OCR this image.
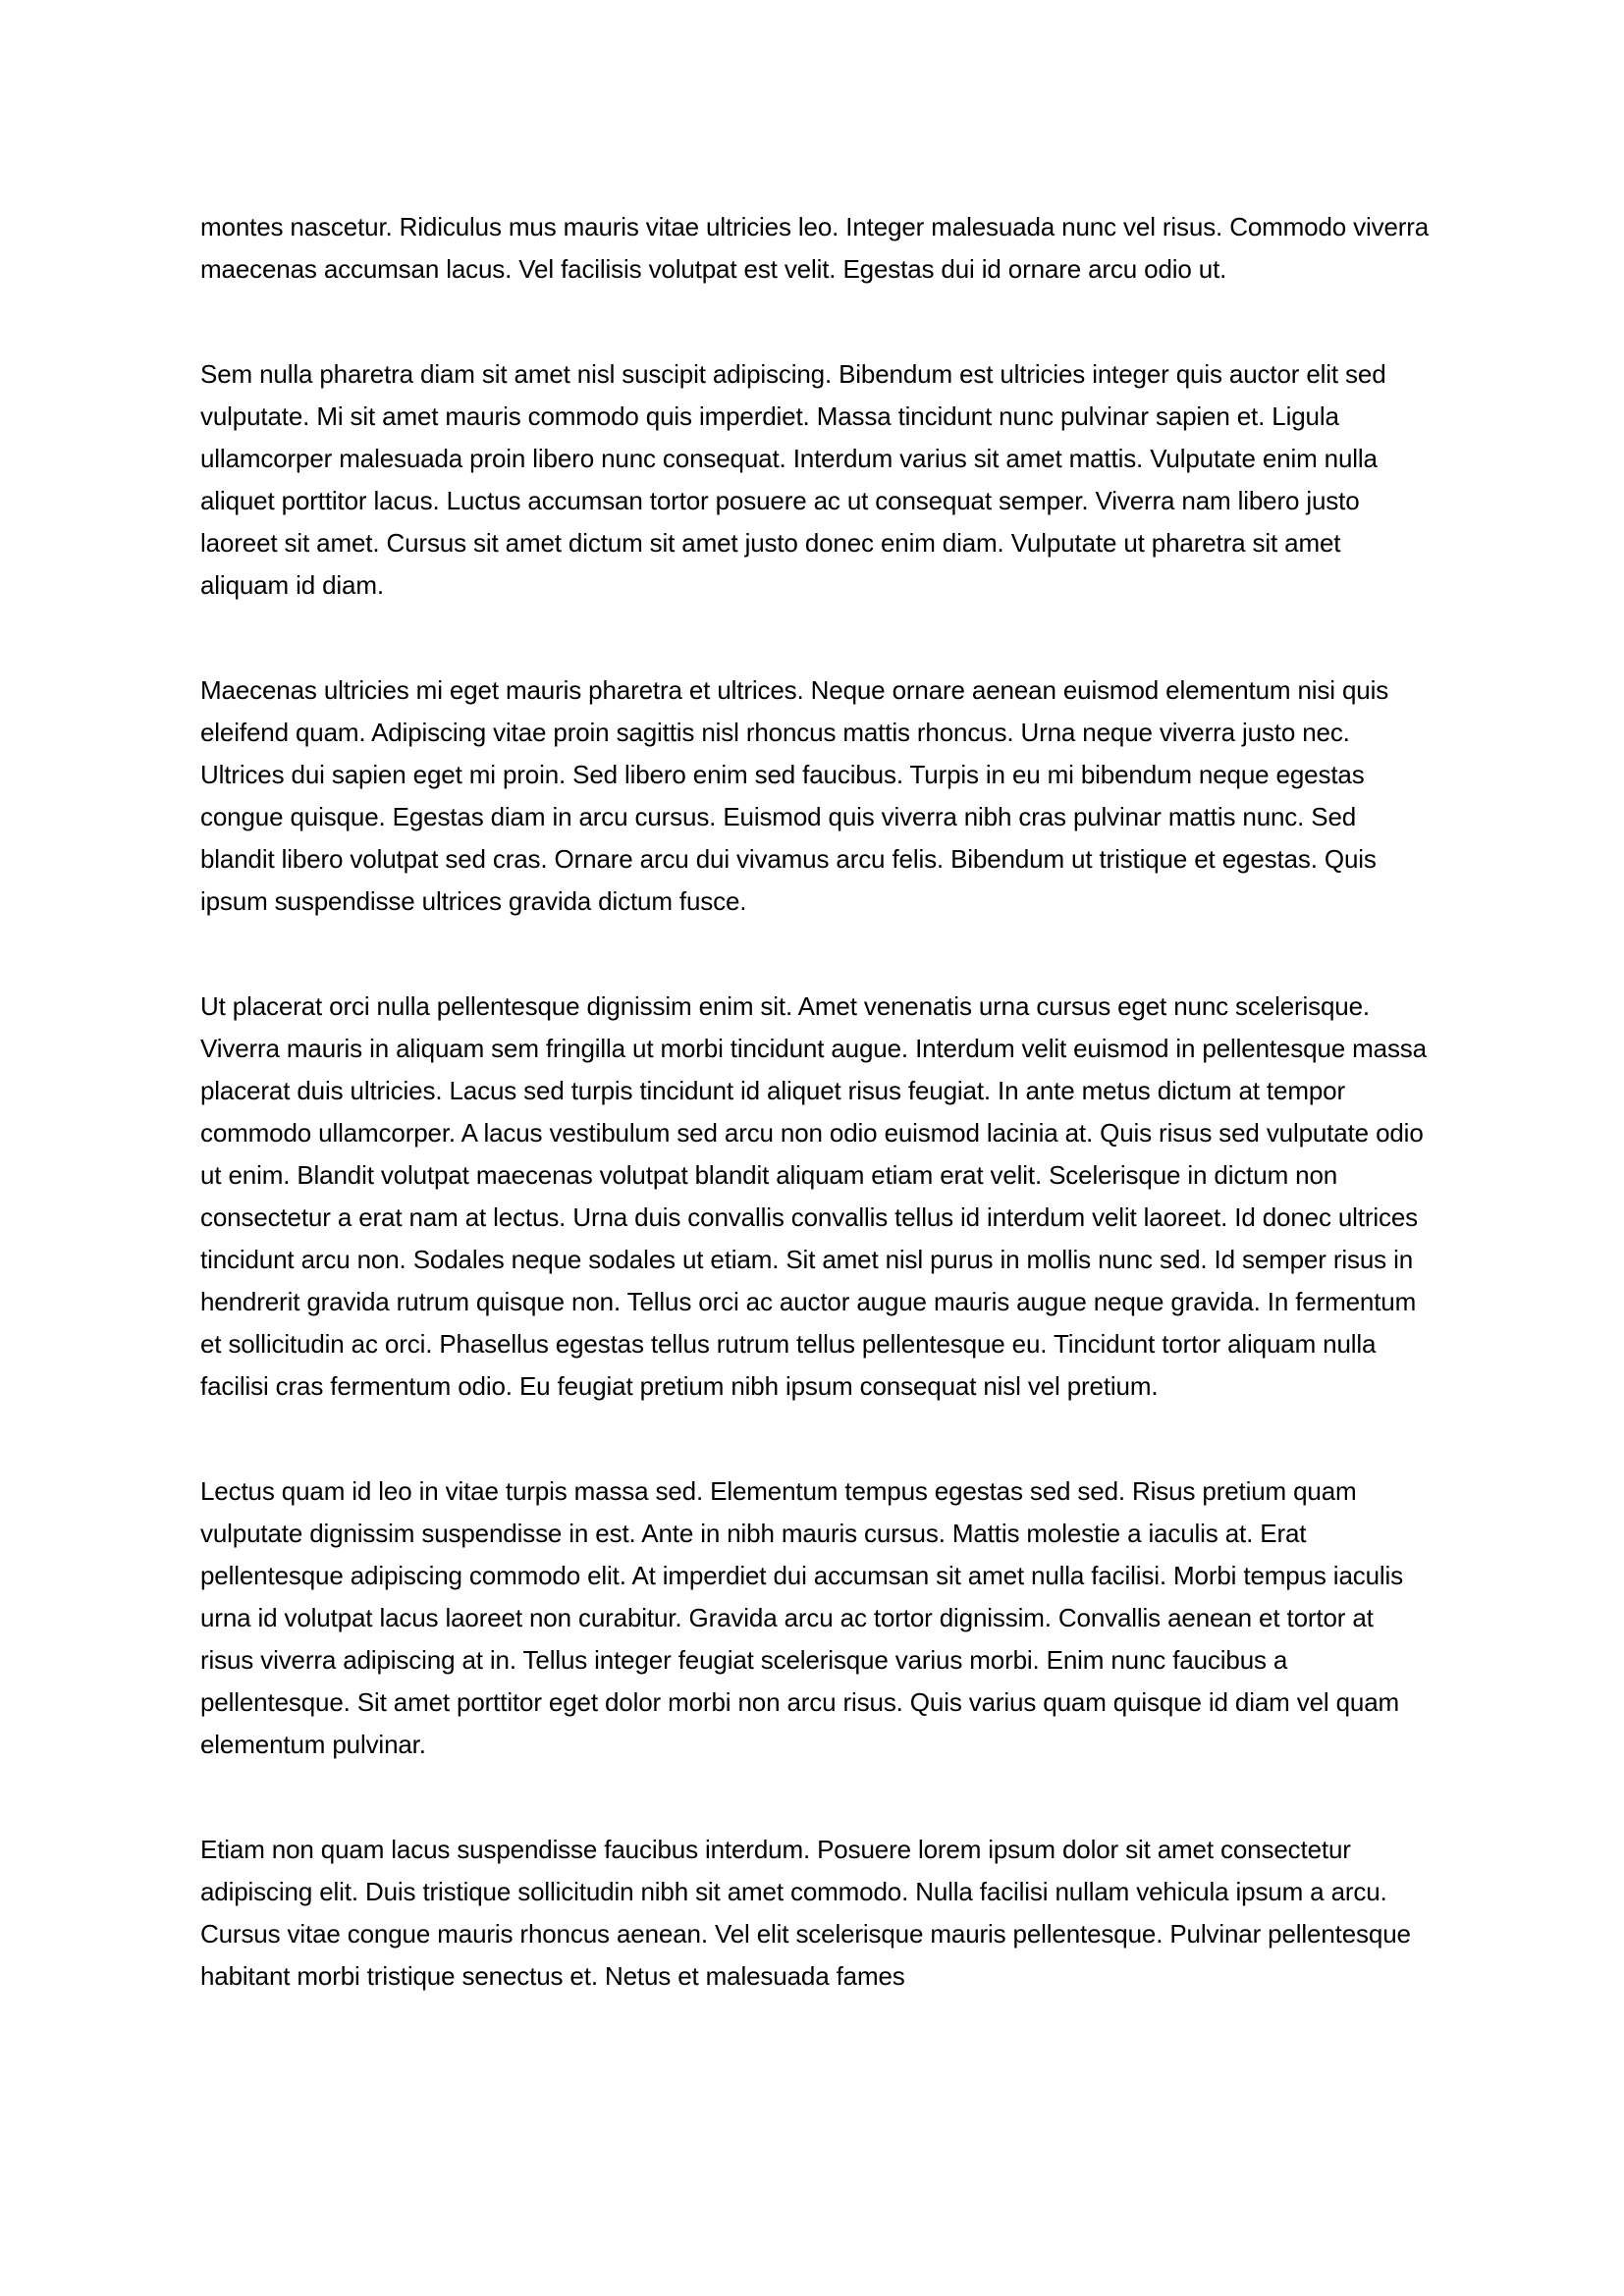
montes nascetur. Ridiculus mus mauris vitae ultricies leo. Integer malesuada nunc vel risus. Commodo viverra maecenas accumsan lacus. Vel facilisis volutpat est velit. Egestas dui id ornare arcu odio ut.

Sem nulla pharetra diam sit amet nisl suscipit adipiscing. Bibendum est ultricies integer quis auctor elit sed vulputate. Mi sit amet mauris commodo quis imperdiet. Massa tincidunt nunc pulvinar sapien et. Ligula ullamcorper malesuada proin libero nunc consequat. Interdum varius sit amet mattis. Vulputate enim nulla aliquet porttitor lacus. Luctus accumsan tortor posuere ac ut consequat semper. Viverra nam libero justo laoreet sit amet. Cursus sit amet dictum sit amet justo donec enim diam. Vulputate ut pharetra sit amet aliquam id diam.

Maecenas ultricies mi eget mauris pharetra et ultrices. Neque ornare aenean euismod elementum nisi quis eleifend quam. Adipiscing vitae proin sagittis nisl rhoncus mattis rhoncus. Urna neque viverra justo nec. Ultrices dui sapien eget mi proin. Sed libero enim sed faucibus. Turpis in eu mi bibendum neque egestas congue quisque. Egestas diam in arcu cursus. Euismod quis viverra nibh cras pulvinar mattis nunc. Sed blandit libero volutpat sed cras. Ornare arcu dui vivamus arcu felis. Bibendum ut tristique et egestas. Quis ipsum suspendisse ultrices gravida dictum fusce.

Ut placerat orci nulla pellentesque dignissim enim sit. Amet venenatis urna cursus eget nunc scelerisque. Viverra mauris in aliquam sem fringilla ut morbi tincidunt augue. Interdum velit euismod in pellentesque massa placerat duis ultricies. Lacus sed turpis tincidunt id aliquet risus feugiat. In ante metus dictum at tempor commodo ullamcorper. A lacus vestibulum sed arcu non odio euismod lacinia at. Quis risus sed vulputate odio ut enim. Blandit volutpat maecenas volutpat blandit aliquam etiam erat velit. Scelerisque in dictum non consectetur a erat nam at lectus. Urna duis convallis convallis tellus id interdum velit laoreet. Id donec ultrices tincidunt arcu non. Sodales neque sodales ut etiam. Sit amet nisl purus in mollis nunc sed. Id semper risus in hendrerit gravida rutrum quisque non. Tellus orci ac auctor augue mauris augue neque gravida. In fermentum et sollicitudin ac orci. Phasellus egestas tellus rutrum tellus pellentesque eu. Tincidunt tortor aliquam nulla facilisi cras fermentum odio. Eu feugiat pretium nibh ipsum consequat nisl vel pretium.

Lectus quam id leo in vitae turpis massa sed. Elementum tempus egestas sed sed. Risus pretium quam vulputate dignissim suspendisse in est. Ante in nibh mauris cursus. Mattis molestie a iaculis at. Erat pellentesque adipiscing commodo elit. At imperdiet dui accumsan sit amet nulla facilisi. Morbi tempus iaculis urna id volutpat lacus laoreet non curabitur. Gravida arcu ac tortor dignissim. Convallis aenean et tortor at risus viverra adipiscing at in. Tellus integer feugiat scelerisque varius morbi. Enim nunc faucibus a pellentesque. Sit amet porttitor eget dolor morbi non arcu risus. Quis varius quam quisque id diam vel quam elementum pulvinar.

Etiam non quam lacus suspendisse faucibus interdum. Posuere lorem ipsum dolor sit amet consectetur adipiscing elit. Duis tristique sollicitudin nibh sit amet commodo. Nulla facilisi nullam vehicula ipsum a arcu. Cursus vitae congue mauris rhoncus aenean. Vel elit scelerisque mauris pellentesque. Pulvinar pellentesque habitant morbi tristique senectus et. Netus et malesuada fames
